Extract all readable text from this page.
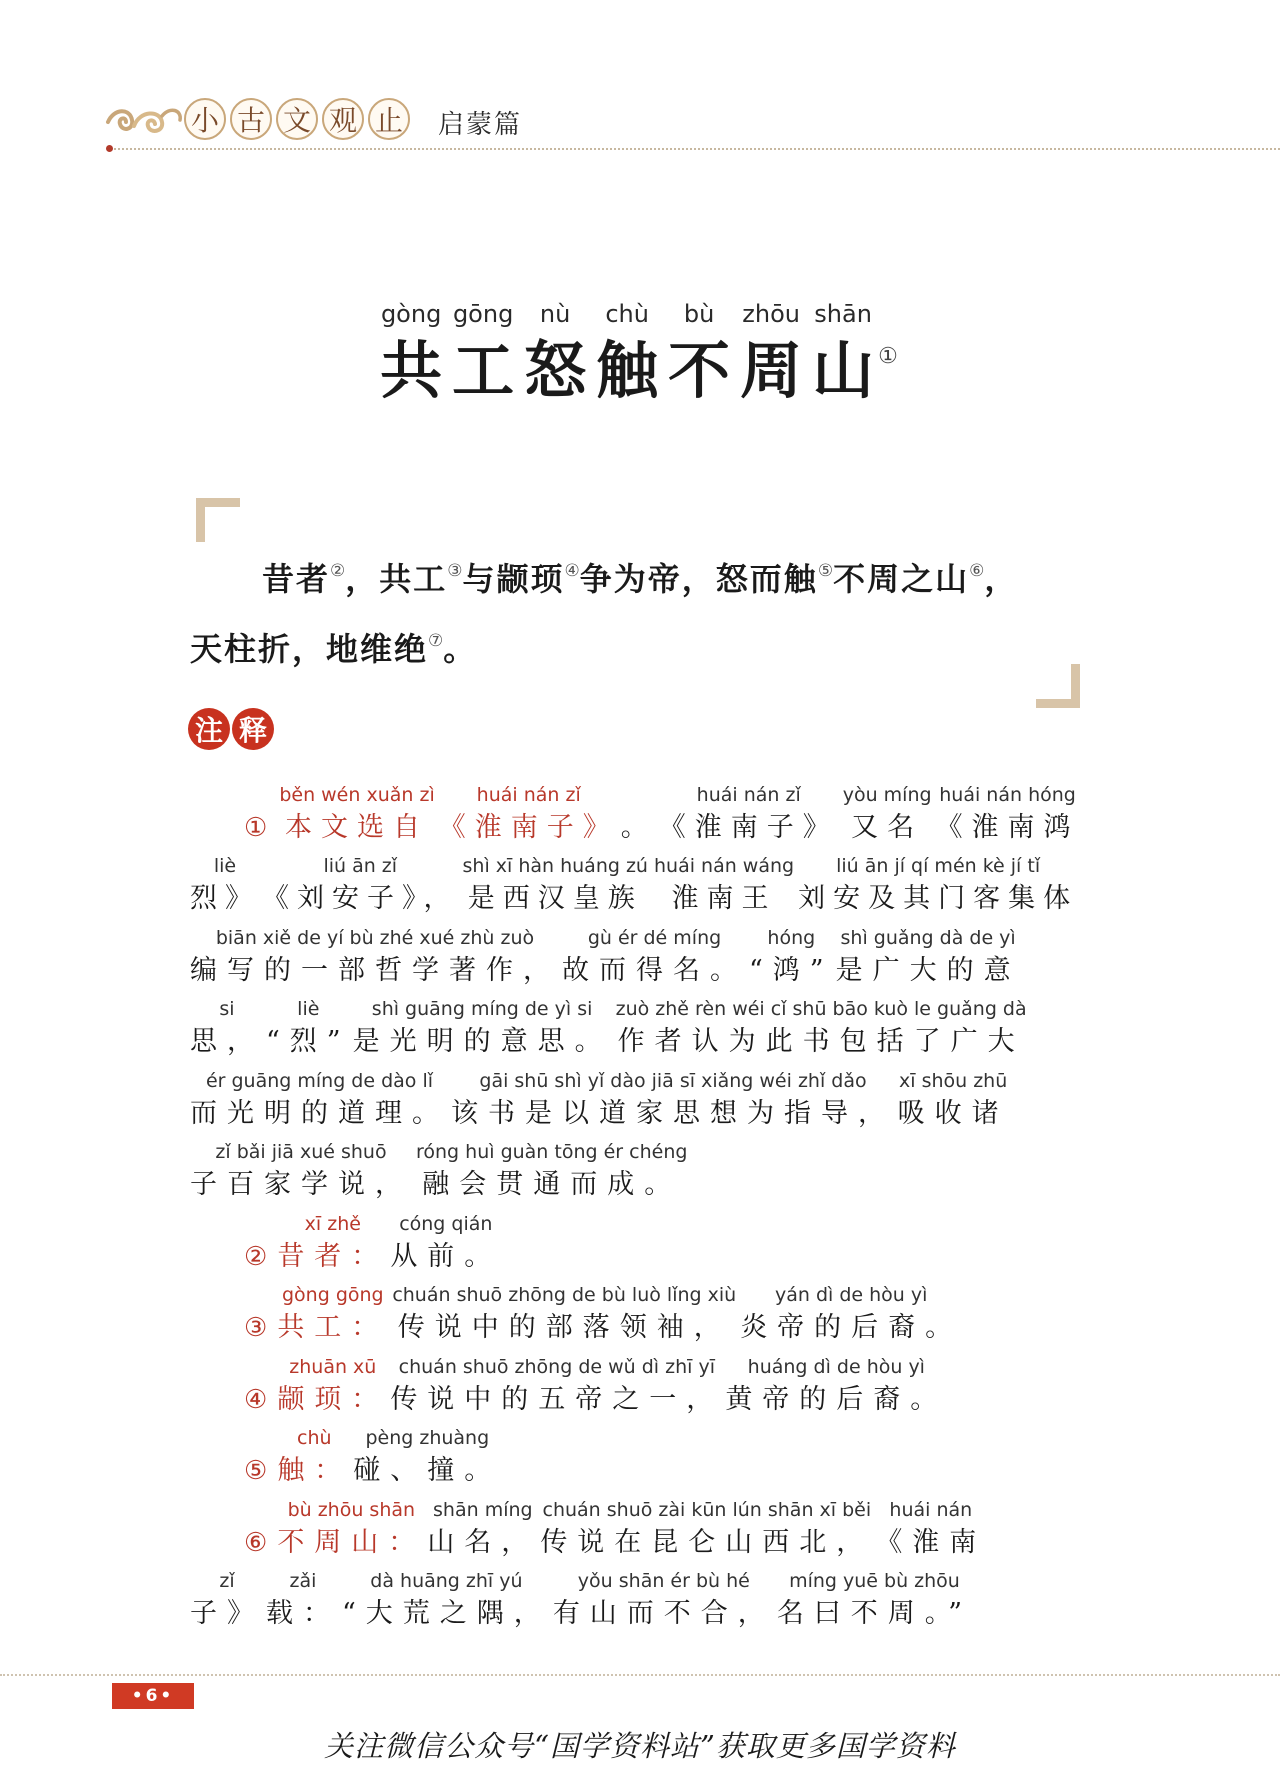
小 古 文 观 止 启蒙篇
gòng
共
gōng
工
nù
怒
chù
触
bù
不
zhōu
周
shān
山 ①
昔者②，共工③与颛顼④争为帝，怒而触⑤不周之山⑥，
天柱折，地维绝⑦。
注 释
①
běn wén xuǎn zì
本文选自
huái nán zǐ
《淮南子》 。
huái nán zǐ
《淮南子》
yòu míng
又名
huái nán hóng
《淮南鸿
liè
烈》
liú ān zǐ
《刘安子》，
shì xī hàn huáng zú
是西汉皇族
huái nán wáng
淮南王
liú ān jí qí mén kè jí tǐ
刘安及其门客集体
biān xiě de yí bù zhé xué zhù zuò
编写的一部哲学著作，
gù ér dé míng
故而得名。
hóng
“鸿”
shì guǎng dà de yì
是广大的意
si
思，
liè
“烈”
shì guāng míng de yì si
是光明的意思。
zuò zhě rèn wéi cǐ shū bāo kuò le guǎng dà
作者认为此书包括了广大
ér guāng míng de dào lǐ
而光明的道理。
gāi shū shì yǐ dào jiā sī xiǎng wéi zhǐ dǎo
该书是以道家思想为指导，
xī shōu zhū
吸收诸
zǐ bǎi jiā xué shuō
子百家学说，
róng huì guàn tōng ér chéng
融会贯通而成。
②
xī zhě
昔者：
cóng qián
从前。
③
gòng gōng
共工：
chuán shuō zhōng de bù luò lǐng xiù
传说中的部落领袖，
yán dì de hòu yì
炎帝的后裔。
④
zhuān xū
颛顼：
chuán shuō zhōng de wǔ dì zhī yī
传说中的五帝之一，
huáng dì de hòu yì
黄帝的后裔。
⑤
chù
触：
pèng zhuàng
碰、撞。
⑥
bù zhōu shān
不周山：
shān míng
山名，
chuán shuō zài kūn lún shān xī běi
传说在昆仑山西北，
huái nán
《淮南
zǐ
子》
zǎi
载：
dà huāng zhī yú
“大荒之隅，
yǒu shān ér bù hé
有山而不合，
míng yuē bù zhōu
名曰不周。”
• 6 •
关注微信公众号“国学资料站”获取更多国学资料
